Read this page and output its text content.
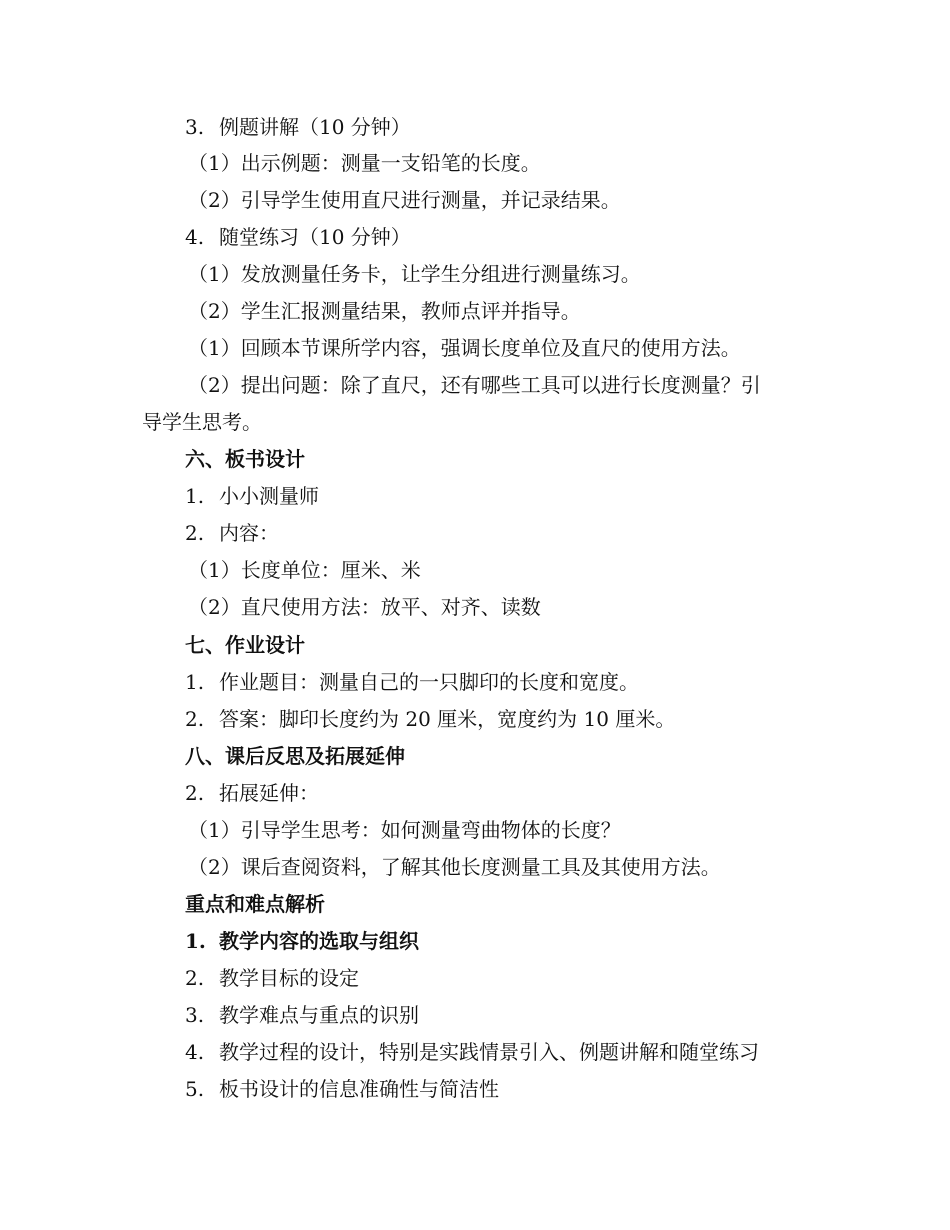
3. 例题讲解（10 分钟）
（1）出示例题：测量一支铅笔的长度。
（2）引导学生使用直尺进行测量，并记录结果。
4. 随堂练习（10 分钟）
（1）发放测量任务卡，让学生分组进行测量练习。
（2）学生汇报测量结果，教师点评并指导。
（1）回顾本节课所学内容，强调长度单位及直尺的使用方法。
（2）提出问题：除了直尺，还有哪些工具可以进行长度测量？引
导学生思考。
六、板书设计
1. 小小测量师
2. 内容：
（1）长度单位：厘米、米
（2）直尺使用方法：放平、对齐、读数
七、作业设计
1. 作业题目：测量自己的一只脚印的长度和宽度。
2. 答案：脚印长度约为 20 厘米，宽度约为 10 厘米。
八、课后反思及拓展延伸
2. 拓展延伸：
（1）引导学生思考：如何测量弯曲物体的长度？
（2）课后查阅资料，了解其他长度测量工具及其使用方法。
重点和难点解析
1. 教学内容的选取与组织
2. 教学目标的设定
3. 教学难点与重点的识别
4. 教学过程的设计，特别是实践情景引入、例题讲解和随堂练习
5. 板书设计的信息准确性与简洁性
